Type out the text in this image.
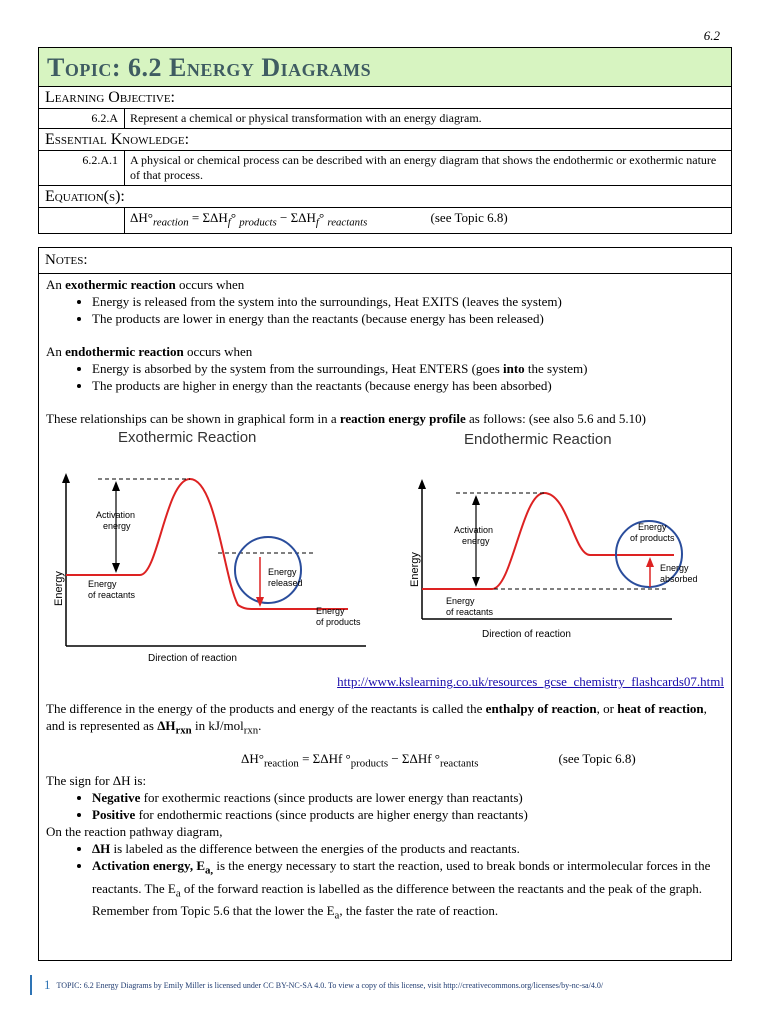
6.2
Topic: 6.2 Energy Diagrams
Learning Objective:
6.2.A	Represent a chemical or physical transformation with an energy diagram.
Essential Knowledge:
6.2.A.1	A physical or chemical process can be described with an energy diagram that shows the endothermic or exothermic nature of that process.
Equation(s):
$\Delta H^\circ_{reaction} = \Sigma\Delta H_f^\circ$ $_{products} - \Sigma\Delta H_f^\circ$ $_{reactants}$	(see Topic 6.8)
Notes:

An exothermic reaction occurs when

• Energy is released from the system into the surroundings, Heat EXITS (leaves the system)
• The products are lower in energy than the reactants (because energy has been released)

An endothermic reaction occurs when

• Energy is absorbed by the system from the surroundings, Heat ENTERS (goes into the system)
• The products are higher in energy than the reactants (because energy has been absorbed)

These relationships can be shown in graphical form in a reaction energy profile as follows: (see also 5.6 and 5.10)

Exothermic Reaction	Endothermic Reaction
Energy
Direction of reaction
Activation
energy
Energy
of reactants
Energy
released
Energy
of products
Energy
Direction of reaction
Activation
energy
Energy
of reactants
Energy
of products
Energy
absorbed
http://www.kslearning.co.uk/resources_gcse_chemistry_flashcards07.html

The difference in the energy of the products and energy of the reactants is called the enthalpy of reaction, or heat of reaction, and is represented as $\Delta H_{rxn}$ in kJ/mol$_{rxn}$.

$\Delta H^\circ_{reaction} = \Sigma\Delta Hf$ $^\circ_{products} - \Sigma\Delta Hf$ $^\circ_{reactants}$	(see Topic 6.8)

The sign for ΔH is:

• Negative for exothermic reactions (since products are lower energy than reactants)
• Positive for endothermic reactions (since products are higher energy than reactants)

On the reaction pathway diagram,

• ΔH is labeled as the difference between the energies of the products and reactants.
• Activation energy, $E_{a,}$ is the energy necessary to start the reaction, used to break bonds or intermolecular forces in the reactants. The $E_a$ of the forward reaction is labelled as the difference between the reactants and the peak of the graph. Remember from Topic 5.6 that the lower the $E_a$, the faster the rate of reaction.
1 TOPIC: 6.2 Energy Diagrams by Emily Miller is licensed under CC BY-NC-SA 4.0. To view a copy of this license, visit http://creativecommons.org/licenses/by-nc-sa/4.0/
